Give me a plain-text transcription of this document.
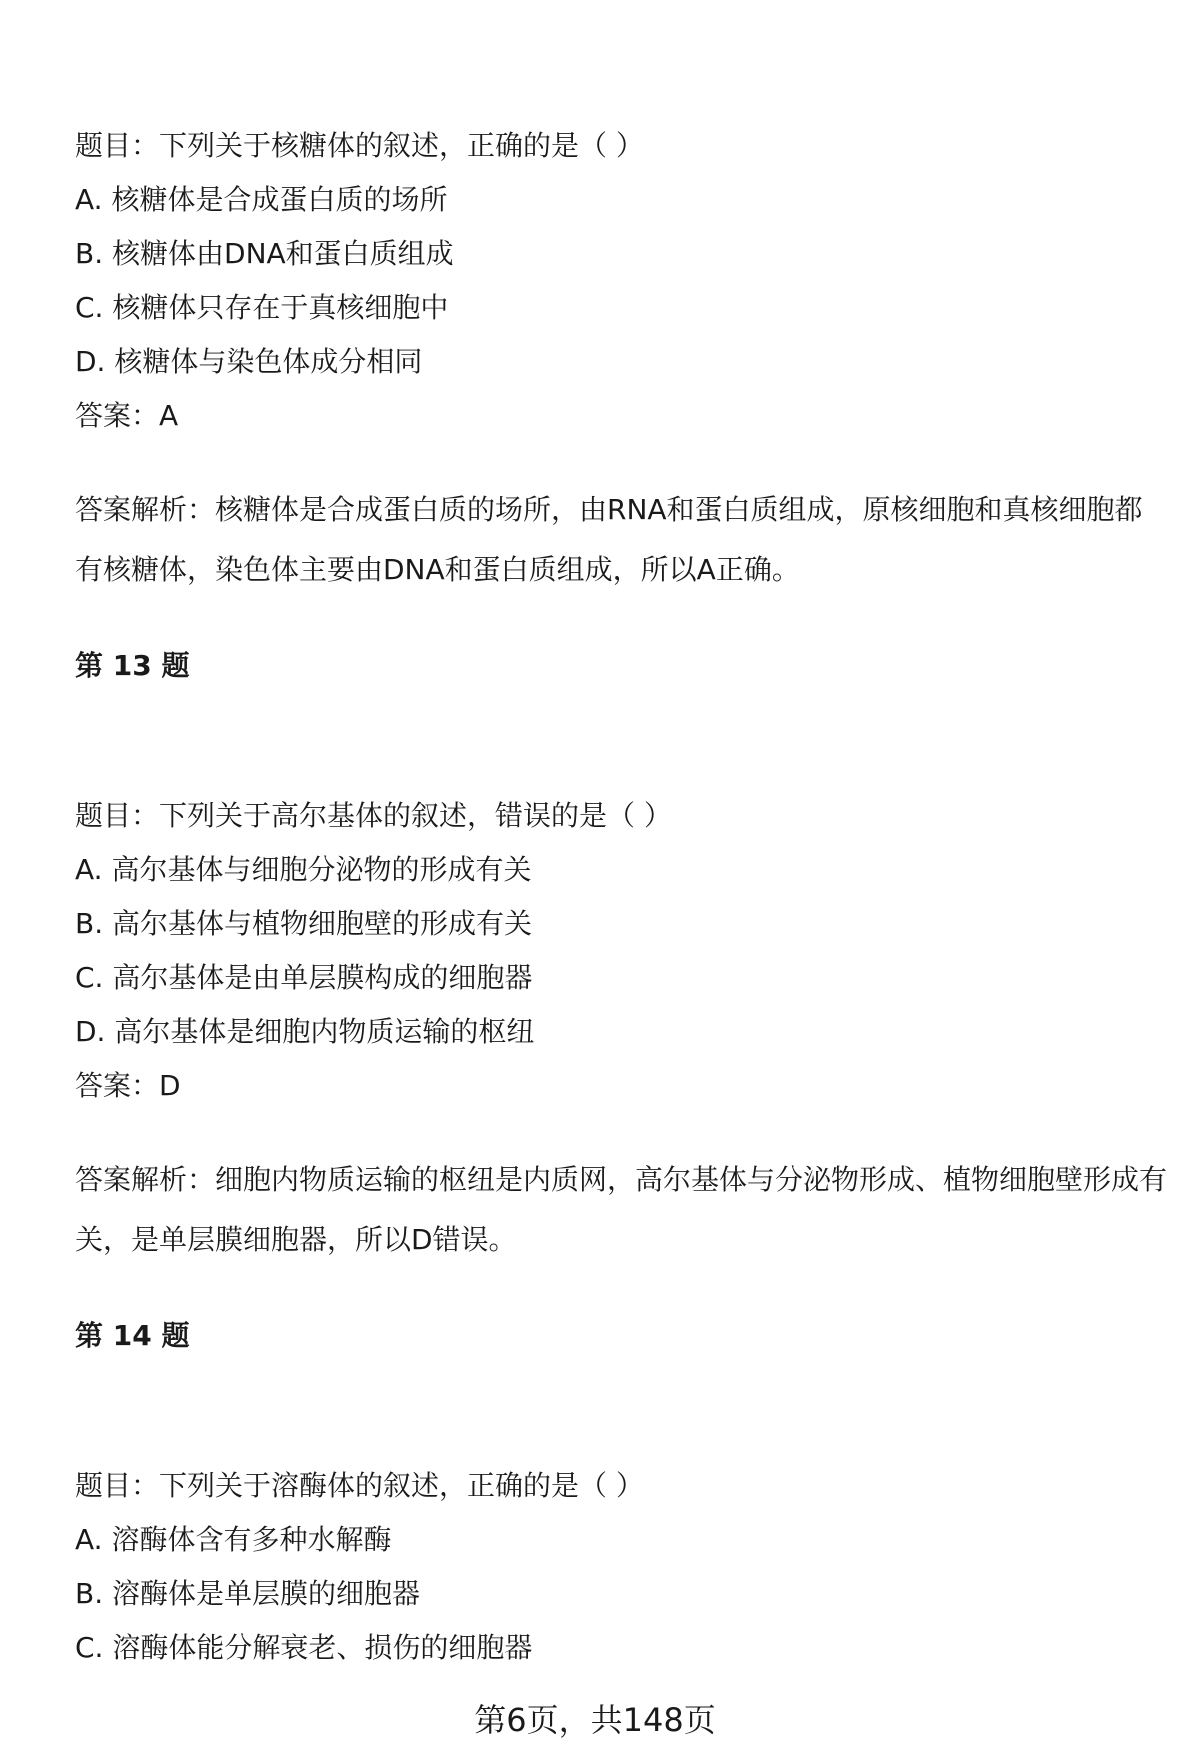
题目：下列关于核糖体的叙述，正确的是（ ）
A. 核糖体是合成蛋白质的场所
B. 核糖体由DNA和蛋白质组成
C. 核糖体只存在于真核细胞中
D. 核糖体与染色体成分相同
答案：A
答案解析：核糖体是合成蛋白质的场所，由RNA和蛋白质组成，原核细胞和真核细胞都有核糖体，染色体主要由DNA和蛋白质组成，所以A正确。
第 13 题
题目：下列关于高尔基体的叙述，错误的是（ ）
A. 高尔基体与细胞分泌物的形成有关
B. 高尔基体与植物细胞壁的形成有关
C. 高尔基体是由单层膜构成的细胞器
D. 高尔基体是细胞内物质运输的枢纽
答案：D
答案解析：细胞内物质运输的枢纽是内质网，高尔基体与分泌物形成、植物细胞壁形成有关，是单层膜细胞器，所以D错误。
第 14 题
题目：下列关于溶酶体的叙述，正确的是（ ）
A. 溶酶体含有多种水解酶
B. 溶酶体是单层膜的细胞器
C. 溶酶体能分解衰老、损伤的细胞器
第6页，共148页
